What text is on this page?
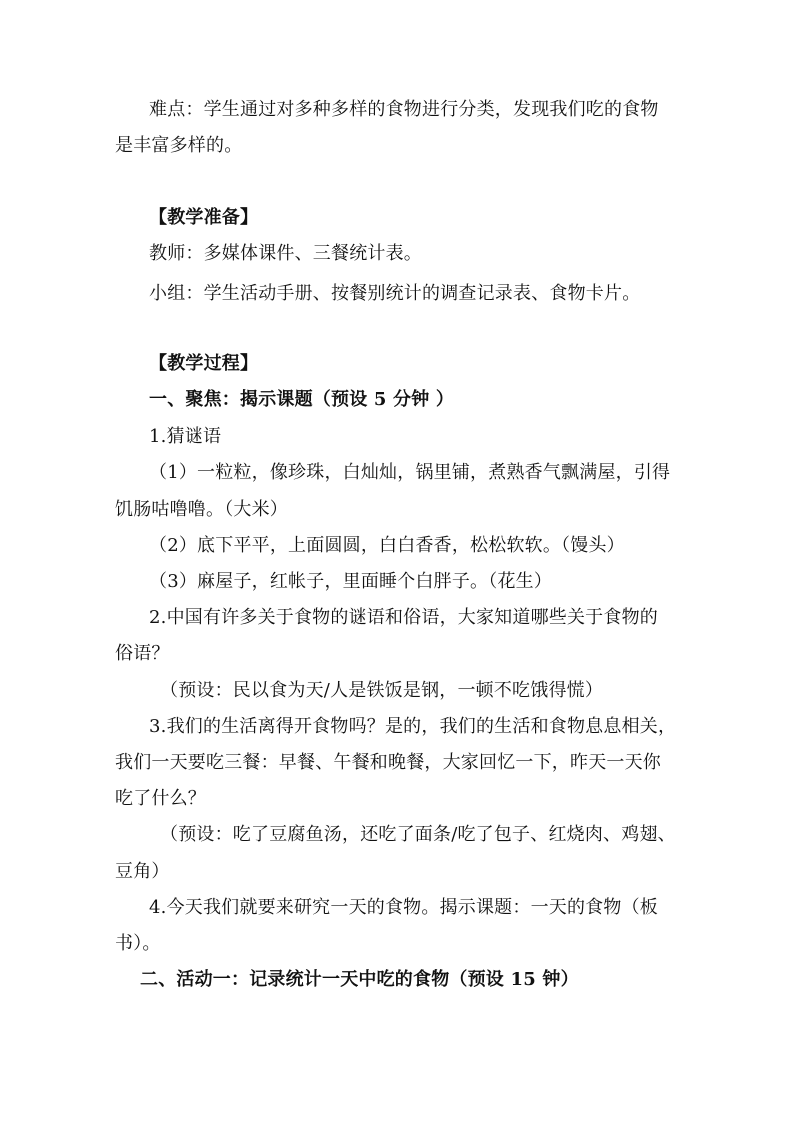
难点：学生通过对多种多样的食物进行分类，发现我们吃的食物
是丰富多样的。
【教学准备】
教师：多媒体课件、三餐统计表。
小组：学生活动手册、按餐别统计的调查记录表、食物卡片。
【教学过程】
一、聚焦：揭示课题（预设 5 分钟 ）
1.猜谜语
（1）一粒粒，像珍珠，白灿灿，锅里铺，煮熟香气飘满屋，引得
饥肠咕噜噜。（大米）
（2）底下平平，上面圆圆，白白香香，松松软软。（馒头）
（3）麻屋子，红帐子，里面睡个白胖子。（花生）
2.中国有许多关于食物的谜语和俗语，大家知道哪些关于食物的
俗语？
（预设：民以食为天/人是铁饭是钢，一顿不吃饿得慌）
3.我们的生活离得开食物吗？是的，我们的生活和食物息息相关，
我们一天要吃三餐：早餐、午餐和晚餐，大家回忆一下，昨天一天你
吃了什么？
（预设：吃了豆腐鱼汤，还吃了面条/吃了包子、红烧肉、鸡翅、
豆角）
4.今天我们就要来研究一天的食物。揭示课题：一天的食物（板
书）。
二、活动一：记录统计一天中吃的食物（预设 15 钟）
